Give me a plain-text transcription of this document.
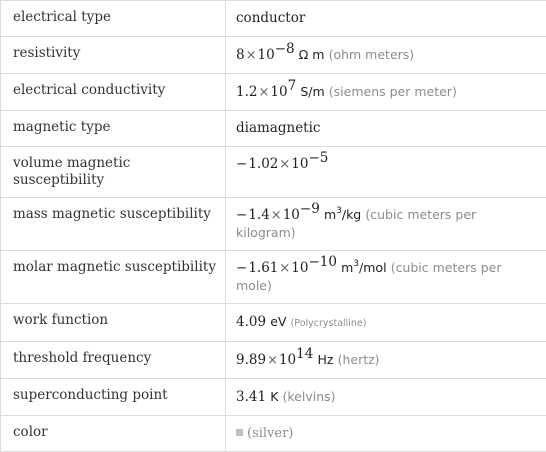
electrical type	conductor

resistivity	$8\times 10^{-8}$ Ω m (ohm meters)

electrical conductivity	$1.2\times 10^7$ S/m (siemens per meter)

magnetic type	diamagnetic

volume magnetic susceptibility	$-1.02\times 10^{-5}$

mass magnetic susceptibility	$-1.4\times 10^{-9}$ $m^3/kg$ (cubic meters per kilogram)

molar magnetic susceptibility	$-1.61\times 10^{-10}$ $m^3$/mol (cubic meters per mole)

work function	4.09 eV (Polycrystalline)

threshold frequency	$9.89\times 10^{14}$ Hz (hertz)

superconducting point	3.41 K (kelvins)

color	(silver)
